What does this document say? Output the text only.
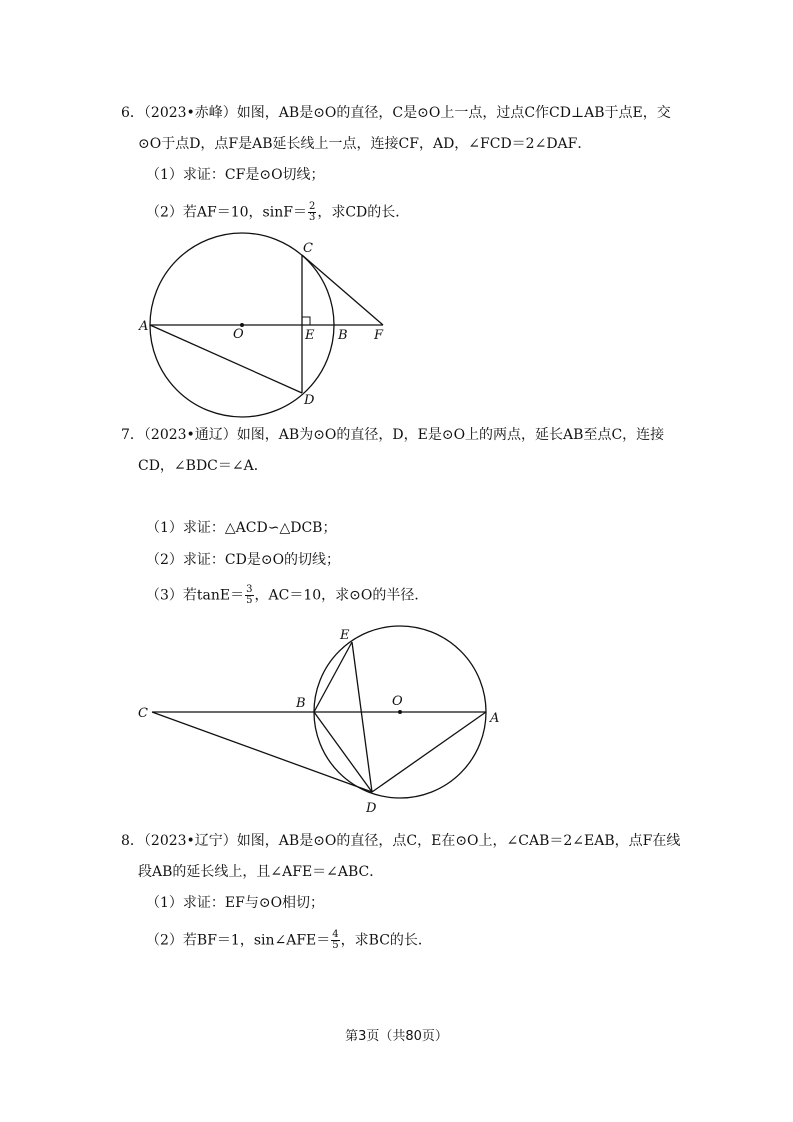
6．（2023•赤峰）如图，AB是⊙O的直径，C是⊙O上一点，过点C作CD⊥AB于点E，交
⊙O于点D，点F是AB延长线上一点，连接CF，AD，∠FCD＝2∠DAF．
（1）求证：CF是⊙O切线；
（2）若AF＝10，$\sin F= \frac{2}{3}$ ，求CD的长．
A
O	E B F
C
D
7．（2023•通辽）如图，AB为⊙O的直径，D，E是⊙O上的两点，延长AB至点C，连接
CD，∠BDC＝∠A．
（1）求证：△ACD∽△DCB；
（2）求证：CD是⊙O的切线；
（3）若$\tan E= \frac{3}{5}$ ，AC＝10，求⊙O的半径．
E
B	O
A
C
D
8．（2023•辽宁）如图，AB是⊙O的直径，点C，E在⊙O上，∠CAB＝2∠EAB，点F在线
段AB的延长线上，且∠AFE＝∠ABC．
（1）求证：EF与⊙O相切；
（2）若BF＝1，sin∠AFE＝ $\frac{4}{5}$ ，求BC的长．
第3页（共80页）
